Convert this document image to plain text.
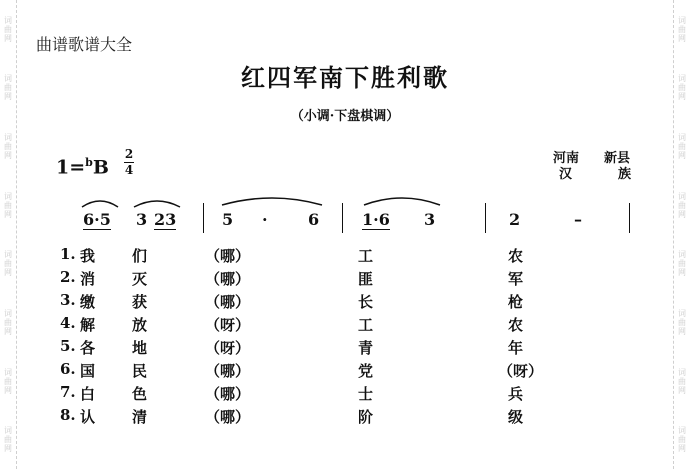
词
曲
网
词
曲
网
词
曲
网
词
曲
网
词
曲
网
词
曲
网
词
曲
网
词
曲
网
词
曲
网
词
曲
网
词
曲
网
词
曲
网
词
曲
网
词
曲
网
词
曲
网
词
曲
网
曲谱歌谱大全
红四军南下胜利歌
（小调·下盘棋调）
1=$^b$B
2
4
河南
汉
新县
族
6·5 3 23	5 ·	6	1·6 3	2	–
1. 我 们	（哪）	工	农
2. 消 灭	（哪）	匪	军
3. 缴 获	（哪）	长	枪
4. 解 放	（呀）	工	农
5. 各 地	（呀）	青	年
6. 国 民	（哪）	党	（呀）
7. 白 色	（哪）	士	兵
8. 认 清	（哪）	阶	级
